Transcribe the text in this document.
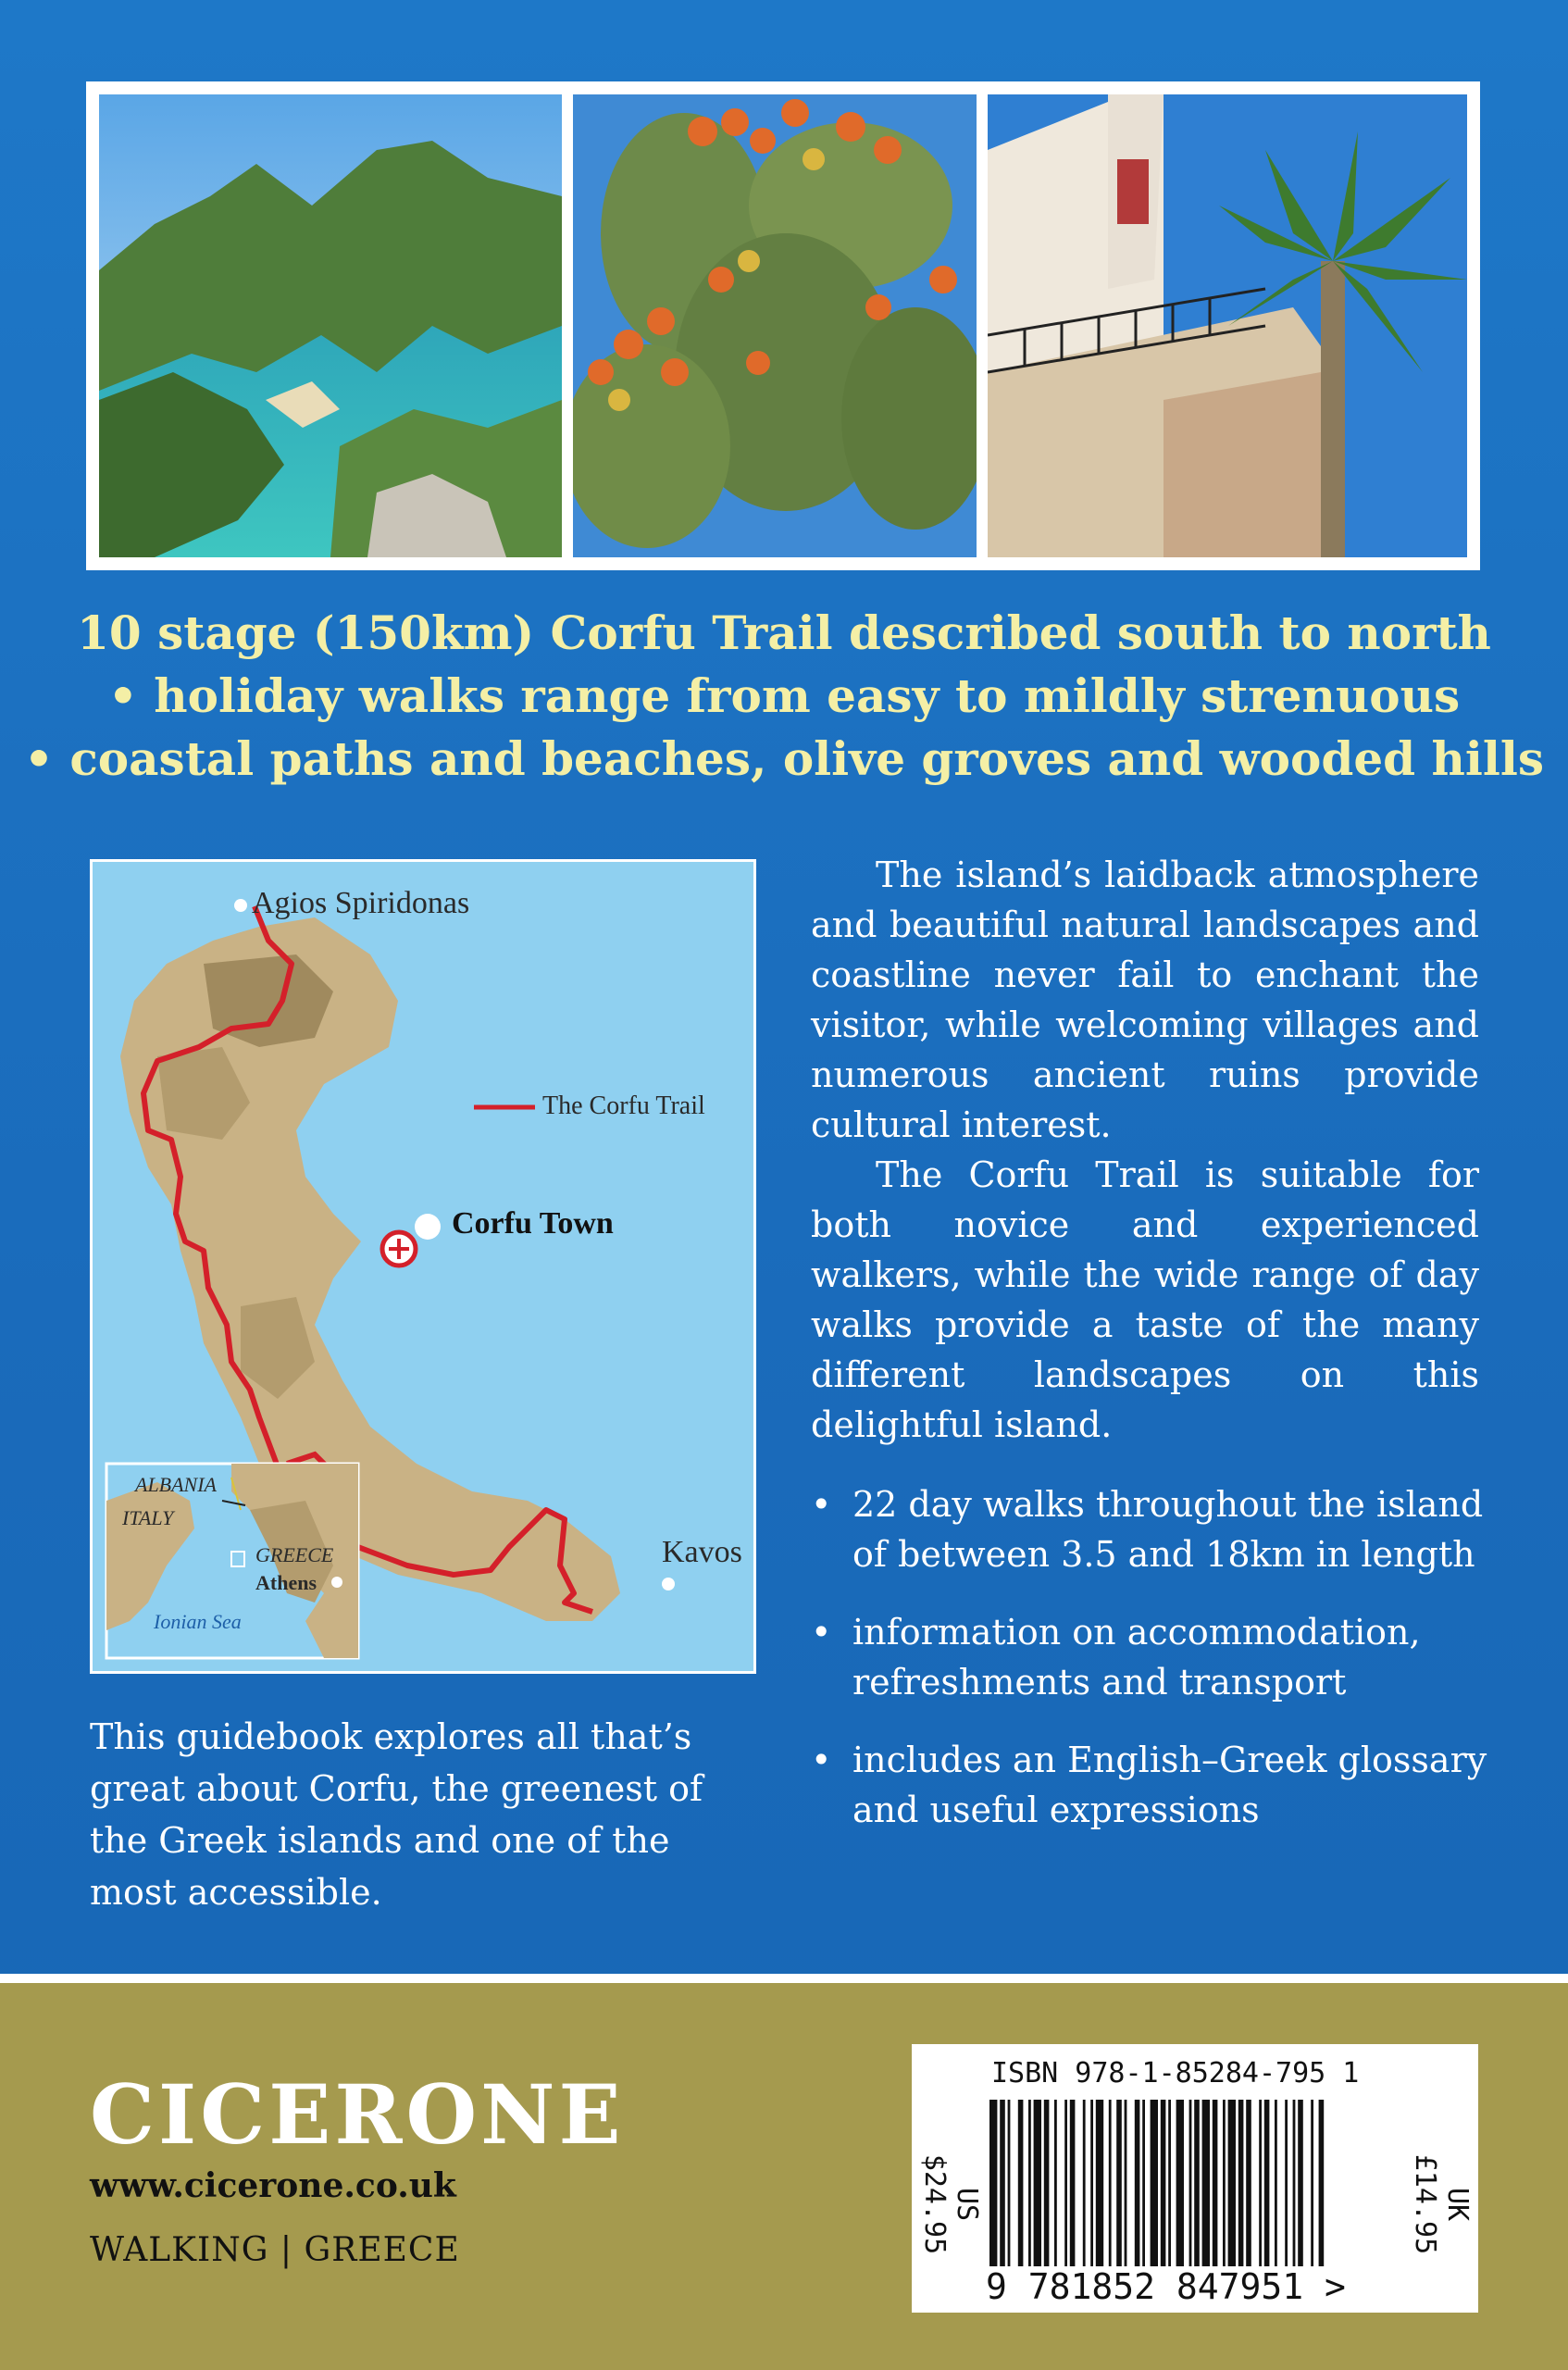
10 stage (150km) Corfu Trail described south to north
• holiday walks range from easy to mildly strenuous
• coastal paths and beaches, olive groves and wooded hills
Agios Spiridonas
The Corfu Trail
Corfu Town
Kavos
ALBANIA
ITALY
GREECE
Athens
Ionian Sea

The island’s laidback atmosphere and beautiful natural landscapes and coastline never fail to enchant the visitor, while welcoming villages and numerous ancient ruins provide cultural interest.

The Corfu Trail is suitable for both novice and experienced walkers, while the wide range of day walks provide a taste of the many different landscapes on this delightful island.

• 22 day walks throughout the island of between 3.5 and 18km in length
• information on accommodation, refreshments and transport
• includes an English–Greek glossary and useful expressions

This guidebook explores all that’s great about Corfu, the greenest of the Greek islands and one of the most accessible.

CICERONE
www.cicerone.co.uk
WALKING | GREECE
ISBN 978-1-85284-795 1
US $24.95	UK £14.95
9 781852 847951 >
